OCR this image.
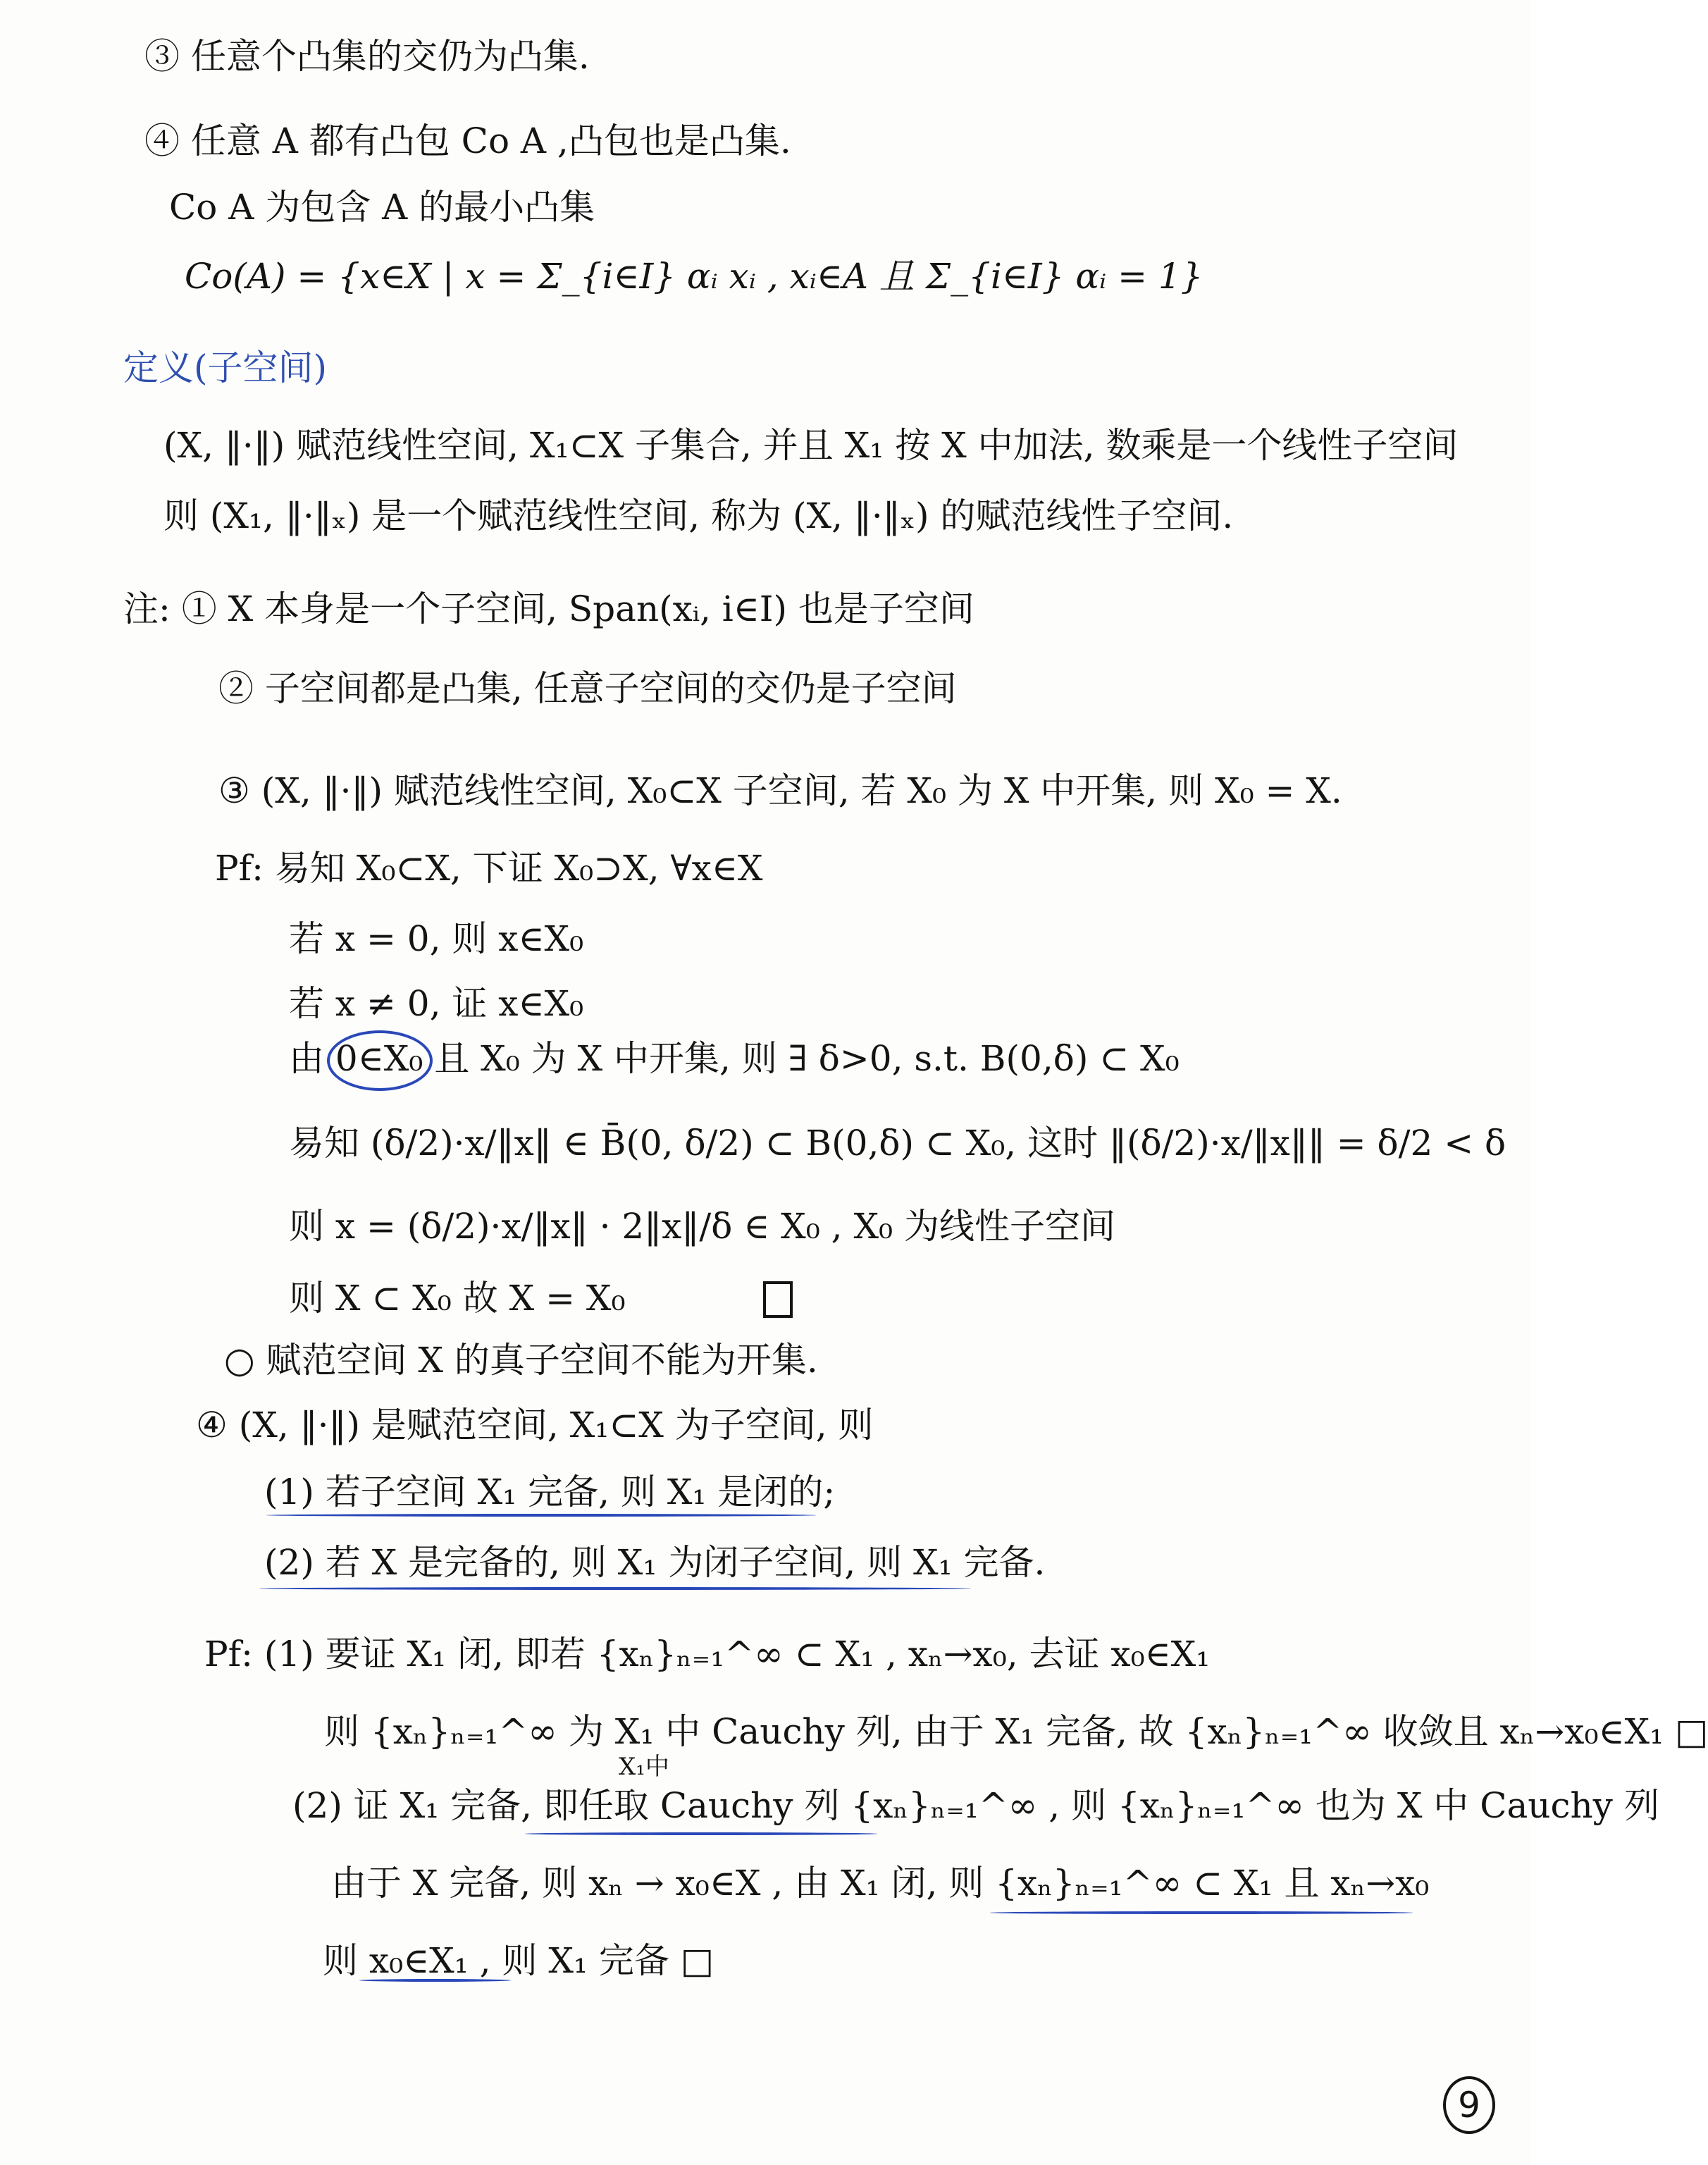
③ 任意个凸集的交仍为凸集.
④ 任意 A 都有凸包 Co A ,凸包也是凸集.
Co A 为包含 A 的最小凸集
Co(A) = {x∈X | x = Σ_{i∈I} αᵢ xᵢ , xᵢ∈A 且 Σ_{i∈I} αᵢ = 1}
定义(子空间)
(X, ‖·‖) 赋范线性空间, X₁⊂X 子集合, 并且 X₁ 按 X 中加法, 数乘是一个线性子空间
则 (X₁, ‖·‖ₓ) 是一个赋范线性空间, 称为 (X, ‖·‖ₓ) 的赋范线性子空间.
注: ① X 本身是一个子空间, Span(xᵢ, i∈I) 也是子空间
② 子空间都是凸集, 任意子空间的交仍是子空间
③ (X, ‖·‖) 赋范线性空间, X₀⊂X 子空间, 若 X₀ 为 X 中开集, 则 X₀ = X.
Pf: 易知 X₀⊂X, 下证 X₀⊃X, ∀x∈X
若 x = 0, 则 x∈X₀
若 x ≠ 0, 证 x∈X₀
由 0∈X₀ 且 X₀ 为 X 中开集, 则 ∃ δ>0, s.t. B(0,δ) ⊂ X₀
易知 (δ/2)·x/‖x‖ ∈ B̄(0, δ/2) ⊂ B(0,δ) ⊂ X₀, 这时 ‖(δ/2)·x/‖x‖‖ = δ/2 < δ
则 x = (δ/2)·x/‖x‖ · 2‖x‖/δ ∈ X₀ , X₀ 为线性子空间
则 X ⊂ X₀ 故 X = X₀
○ 赋范空间 X 的真子空间不能为开集.
④ (X, ‖·‖) 是赋范空间, X₁⊂X 为子空间, 则
(1) 若子空间 X₁ 完备, 则 X₁ 是闭的;
(2) 若 X 是完备的, 则 X₁ 为闭子空间, 则 X₁ 完备.
Pf: (1) 要证 X₁ 闭, 即若 {xₙ}ₙ₌₁^∞ ⊂ X₁ , xₙ→x₀, 去证 x₀∈X₁
则 {xₙ}ₙ₌₁^∞ 为 X₁ 中 Cauchy 列, 由于 X₁ 完备, 故 {xₙ}ₙ₌₁^∞ 收敛且 xₙ→x₀∈X₁ □
X₁中
(2) 证 X₁ 完备, 即任取 Cauchy 列 {xₙ}ₙ₌₁^∞ , 则 {xₙ}ₙ₌₁^∞ 也为 X 中 Cauchy 列
由于 X 完备, 则 xₙ → x₀∈X , 由 X₁ 闭, 则 {xₙ}ₙ₌₁^∞ ⊂ X₁ 且 xₙ→x₀
则 x₀∈X₁ , 则 X₁ 完备 □
9
